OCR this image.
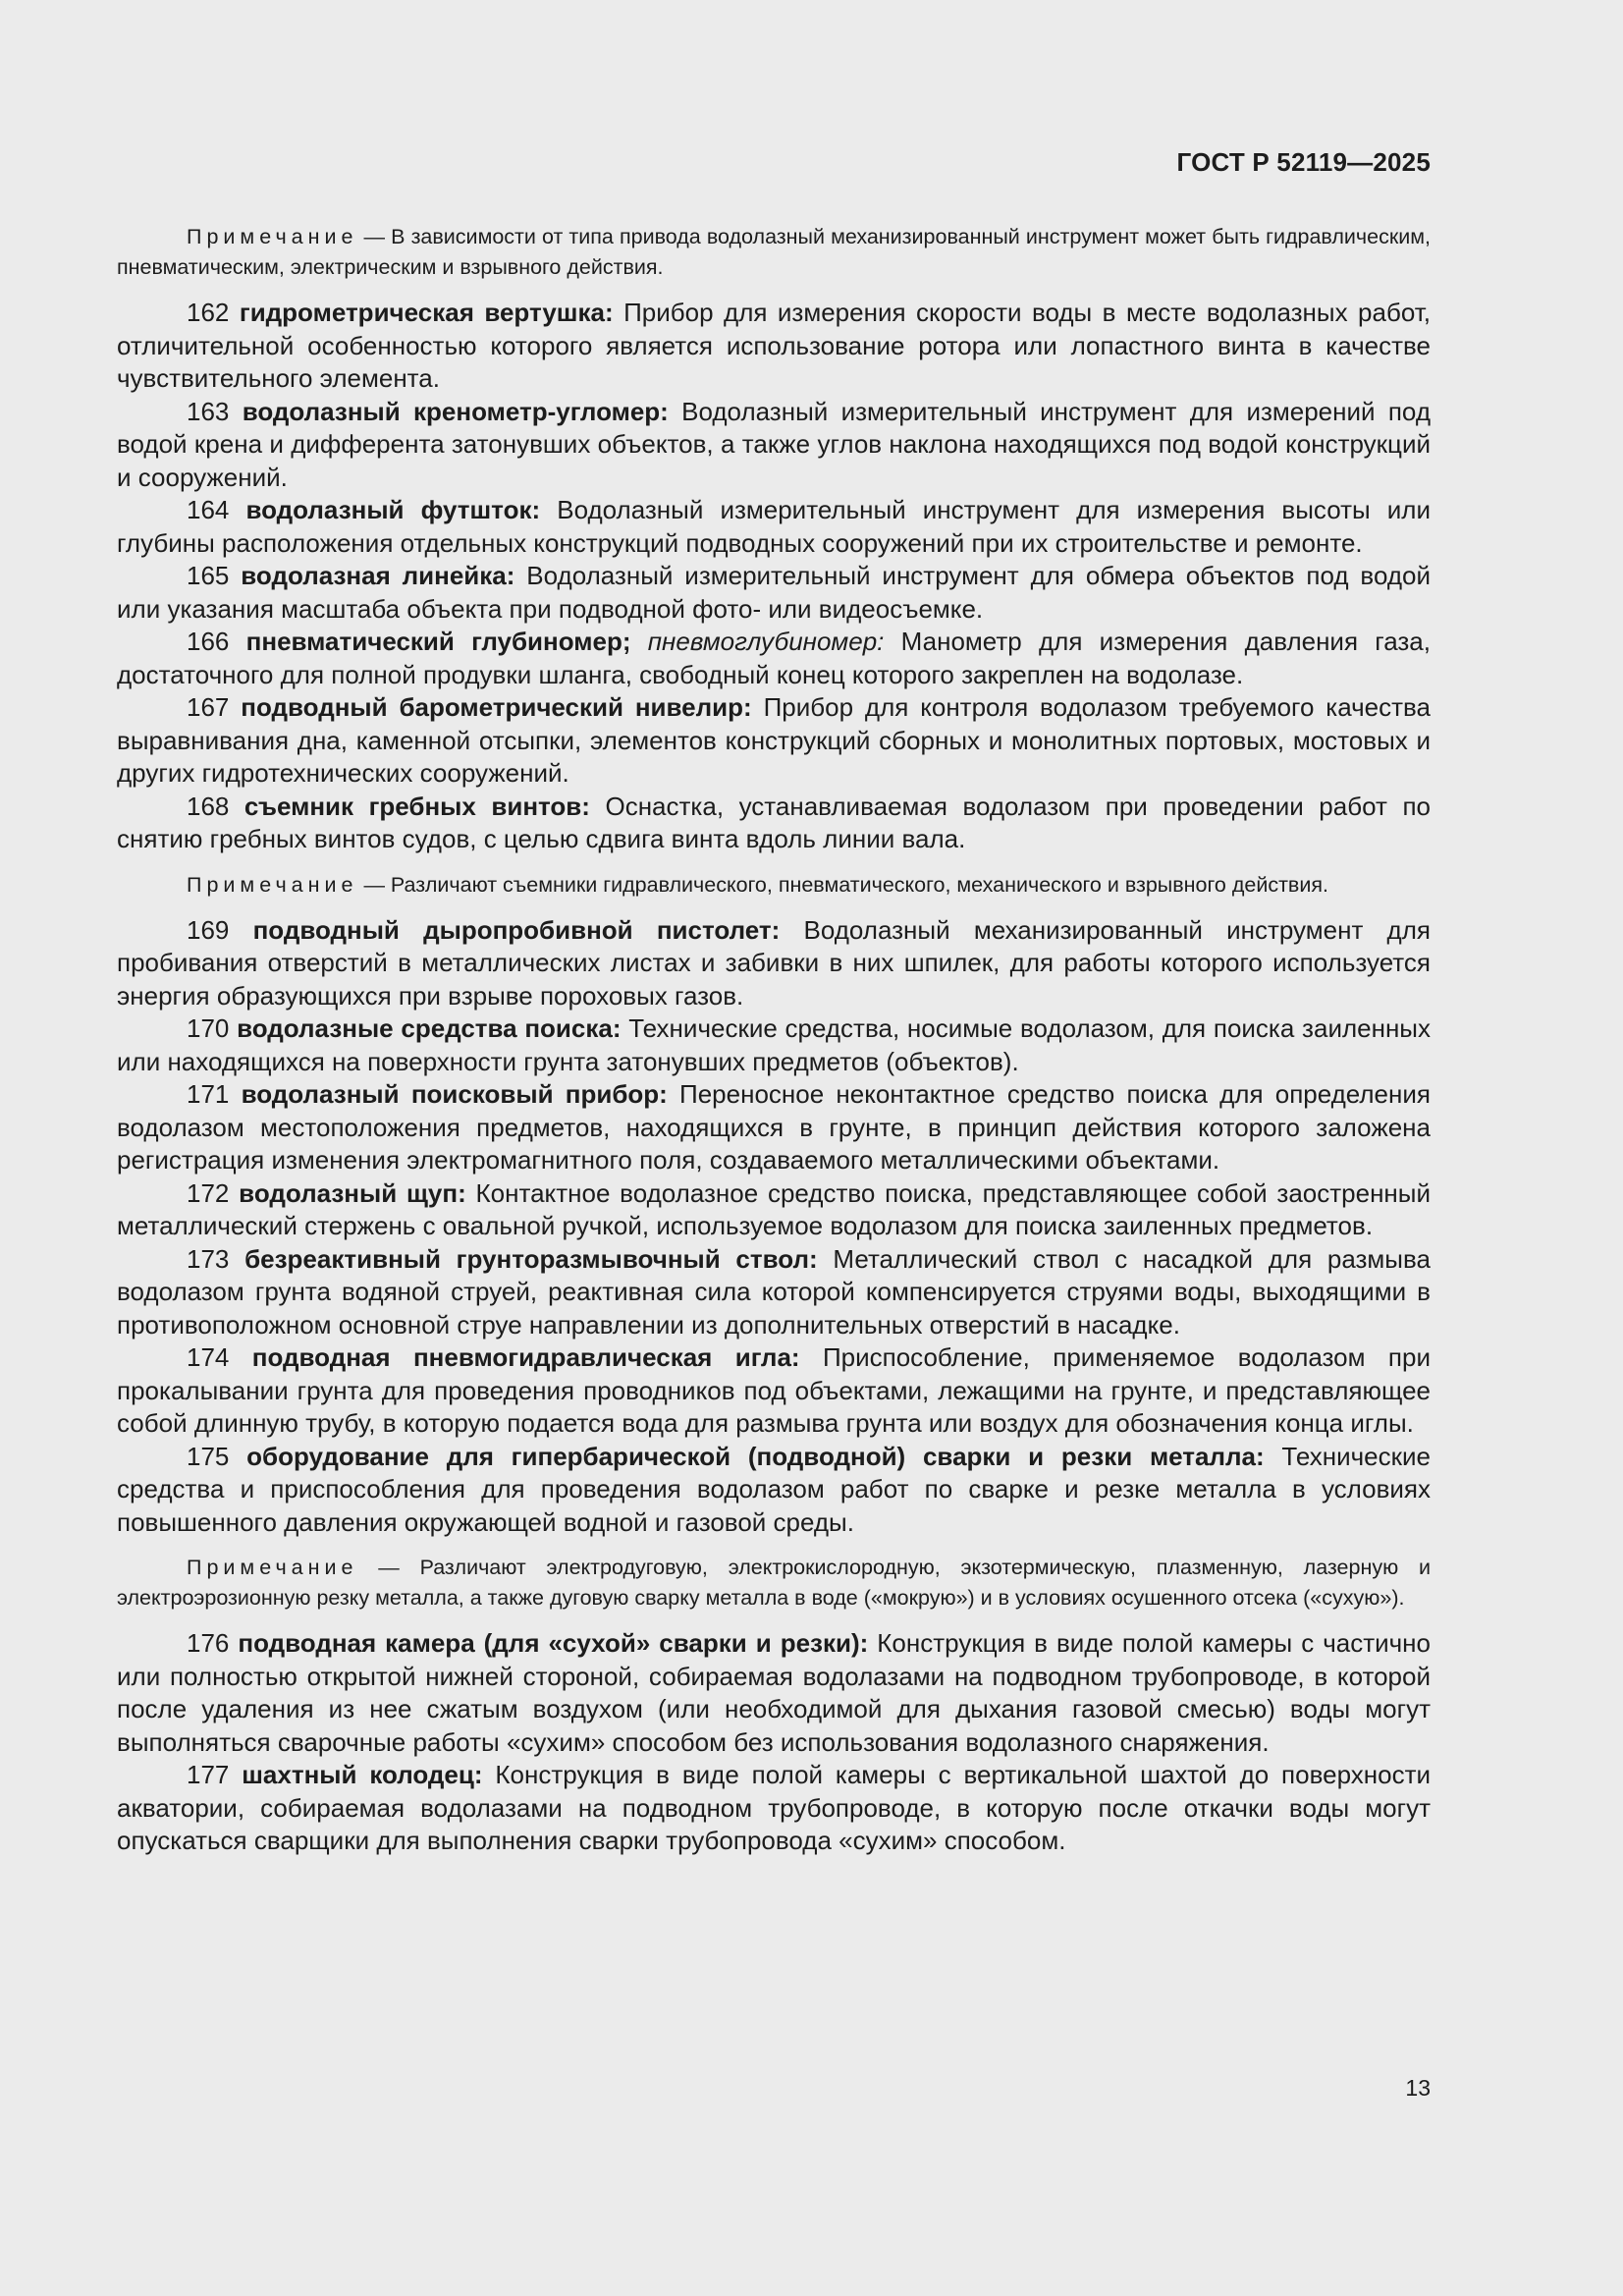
ГОСТ Р 52119—2025

Примечание — В зависимости от типа привода водолазный механизированный инструмент может быть гидравлическим, пневматическим, электрическим и взрывного действия.

162 гидрометрическая вертушка: Прибор для измерения скорости воды в месте водолазных работ, отличительной особенностью которого является использование ротора или лопастного винта в качестве чувствительного элемента.

163 водолазный кренометр-угломер: Водолазный измерительный инструмент для измерений под водой крена и дифферента затонувших объектов, а также углов наклона находящихся под водой конструкций и сооружений.

164 водолазный футшток: Водолазный измерительный инструмент для измерения высоты или глубины расположения отдельных конструкций подводных сооружений при их строительстве и ремонте.

165 водолазная линейка: Водолазный измерительный инструмент для обмера объектов под водой или указания масштаба объекта при подводной фото- или видеосъемке.

166 пневматический глубиномер; пневмоглубиномер: Манометр для измерения давления газа, достаточного для полной продувки шланга, свободный конец которого закреплен на водолазе.

167 подводный барометрический нивелир: Прибор для контроля водолазом требуемого качества выравнивания дна, каменной отсыпки, элементов конструкций сборных и монолитных портовых, мостовых и других гидротехнических сооружений.

168 съемник гребных винтов: Оснастка, устанавливаемая водолазом при проведении работ по снятию гребных винтов судов, с целью сдвига винта вдоль линии вала.

Примечание — Различают съемники гидравлического, пневматического, механического и взрывного действия.

169 подводный дыропробивной пистолет: Водолазный механизированный инструмент для пробивания отверстий в металлических листах и забивки в них шпилек, для работы которого используется энергия образующихся при взрыве пороховых газов.

170 водолазные средства поиска: Технические средства, носимые водолазом, для поиска заиленных или находящихся на поверхности грунта затонувших предметов (объектов).

171 водолазный поисковый прибор: Переносное неконтактное средство поиска для определения водолазом местоположения предметов, находящихся в грунте, в принцип действия которого заложена регистрация изменения электромагнитного поля, создаваемого металлическими объектами.

172 водолазный щуп: Контактное водолазное средство поиска, представляющее собой заостренный металлический стержень с овальной ручкой, используемое водолазом для поиска заиленных предметов.

173 безреактивный грунторазмывочный ствол: Металлический ствол с насадкой для размыва водолазом грунта водяной струей, реактивная сила которой компенсируется струями воды, выходящими в противоположном основной струе направлении из дополнительных отверстий в насадке.

174 подводная пневмогидравлическая игла: Приспособление, применяемое водолазом при прокалывании грунта для проведения проводников под объектами, лежащими на грунте, и представляющее собой длинную трубу, в которую подается вода для размыва грунта или воздух для обозначения конца иглы.

175 оборудование для гипербарической (подводной) сварки и резки металла: Технические средства и приспособления для проведения водолазом работ по сварке и резке металла в условиях повышенного давления окружающей водной и газовой среды.

Примечание — Различают электродуговую, электрокислородную, экзотермическую, плазменную, лазерную и электроэрозионную резку металла, а также дуговую сварку металла в воде («мокрую») и в условиях осушенного отсека («сухую»).

176 подводная камера (для «сухой» сварки и резки): Конструкция в виде полой камеры с частично или полностью открытой нижней стороной, собираемая водолазами на подводном трубопроводе, в которой после удаления из нее сжатым воздухом (или необходимой для дыхания газовой смесью) воды могут выполняться сварочные работы «сухим» способом без использования водолазного снаряжения.

177 шахтный колодец: Конструкция в виде полой камеры с вертикальной шахтой до поверхности акватории, собираемая водолазами на подводном трубопроводе, в которую после откачки воды могут опускаться сварщики для выполнения сварки трубопровода «сухим» способом.

13
